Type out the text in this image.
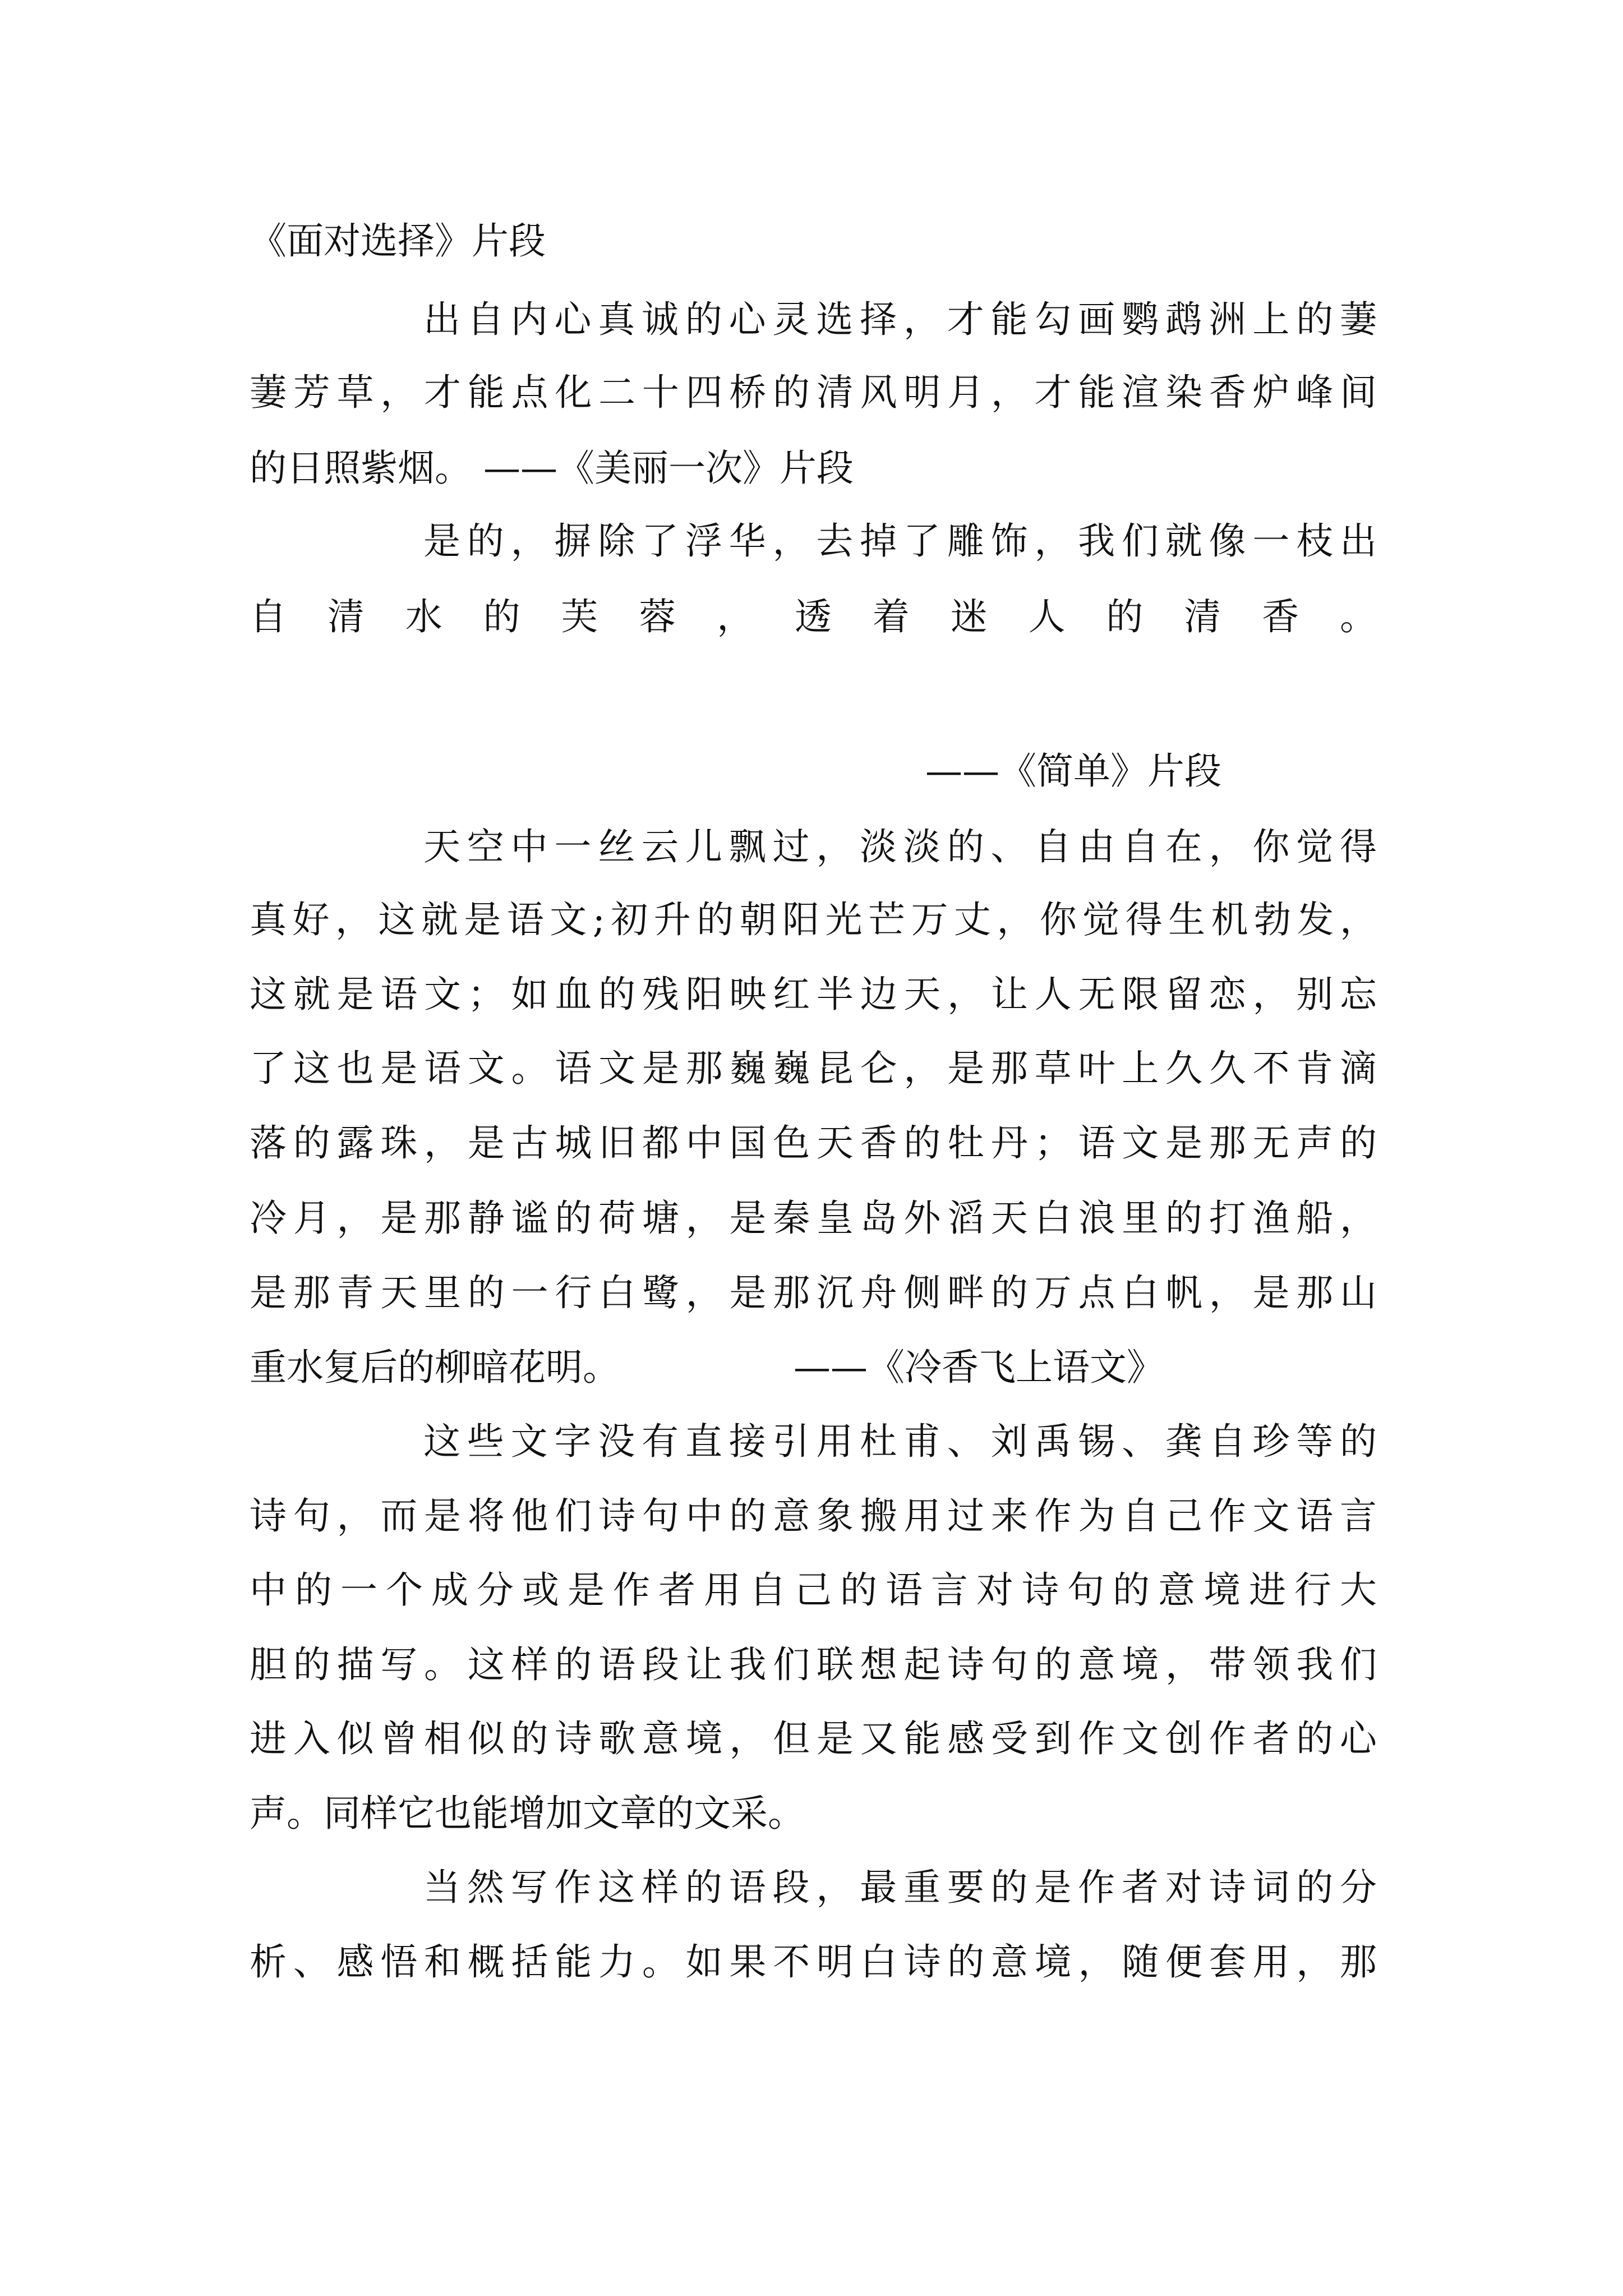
《面对选择》片段
出自内心真诚的心灵选择，才能勾画鹦鹉洲上的萋
萋芳草，才能点化二十四桥的清风明月，才能渲染香炉峰间
的日照紫烟。 ——《美丽一次》片段
是的，摒除了浮华，去掉了雕饰，我们就像一枝出
自清水的芙蓉，透着迷人的清香。
——《简单》片段
天空中一丝云儿飘过，淡淡的、自由自在，你觉得
真好，这就是语文;初升的朝阳光芒万丈，你觉得生机勃发，
这就是语文；如血的残阳映红半边天，让人无限留恋，别忘
了这也是语文。语文是那巍巍昆仑，是那草叶上久久不肯滴
落的露珠，是古城旧都中国色天香的牡丹；语文是那无声的
冷月，是那静谧的荷塘，是秦皇岛外滔天白浪里的打渔船，
是那青天里的一行白鹭，是那沉舟侧畔的万点白帆，是那山
重水复后的柳暗花明。	——《冷香飞上语文》
这些文字没有直接引用杜甫、刘禹锡、龚自珍等的
诗句，而是将他们诗句中的意象搬用过来作为自己作文语言
中的一个成分或是作者用自己的语言对诗句的意境进行大
胆的描写。这样的语段让我们联想起诗句的意境，带领我们
进入似曾相似的诗歌意境，但是又能感受到作文创作者的心
声。同样它也能增加文章的文采。
当然写作这样的语段，最重要的是作者对诗词的分
析、感悟和概括能力。如果不明白诗的意境，随便套用，那
